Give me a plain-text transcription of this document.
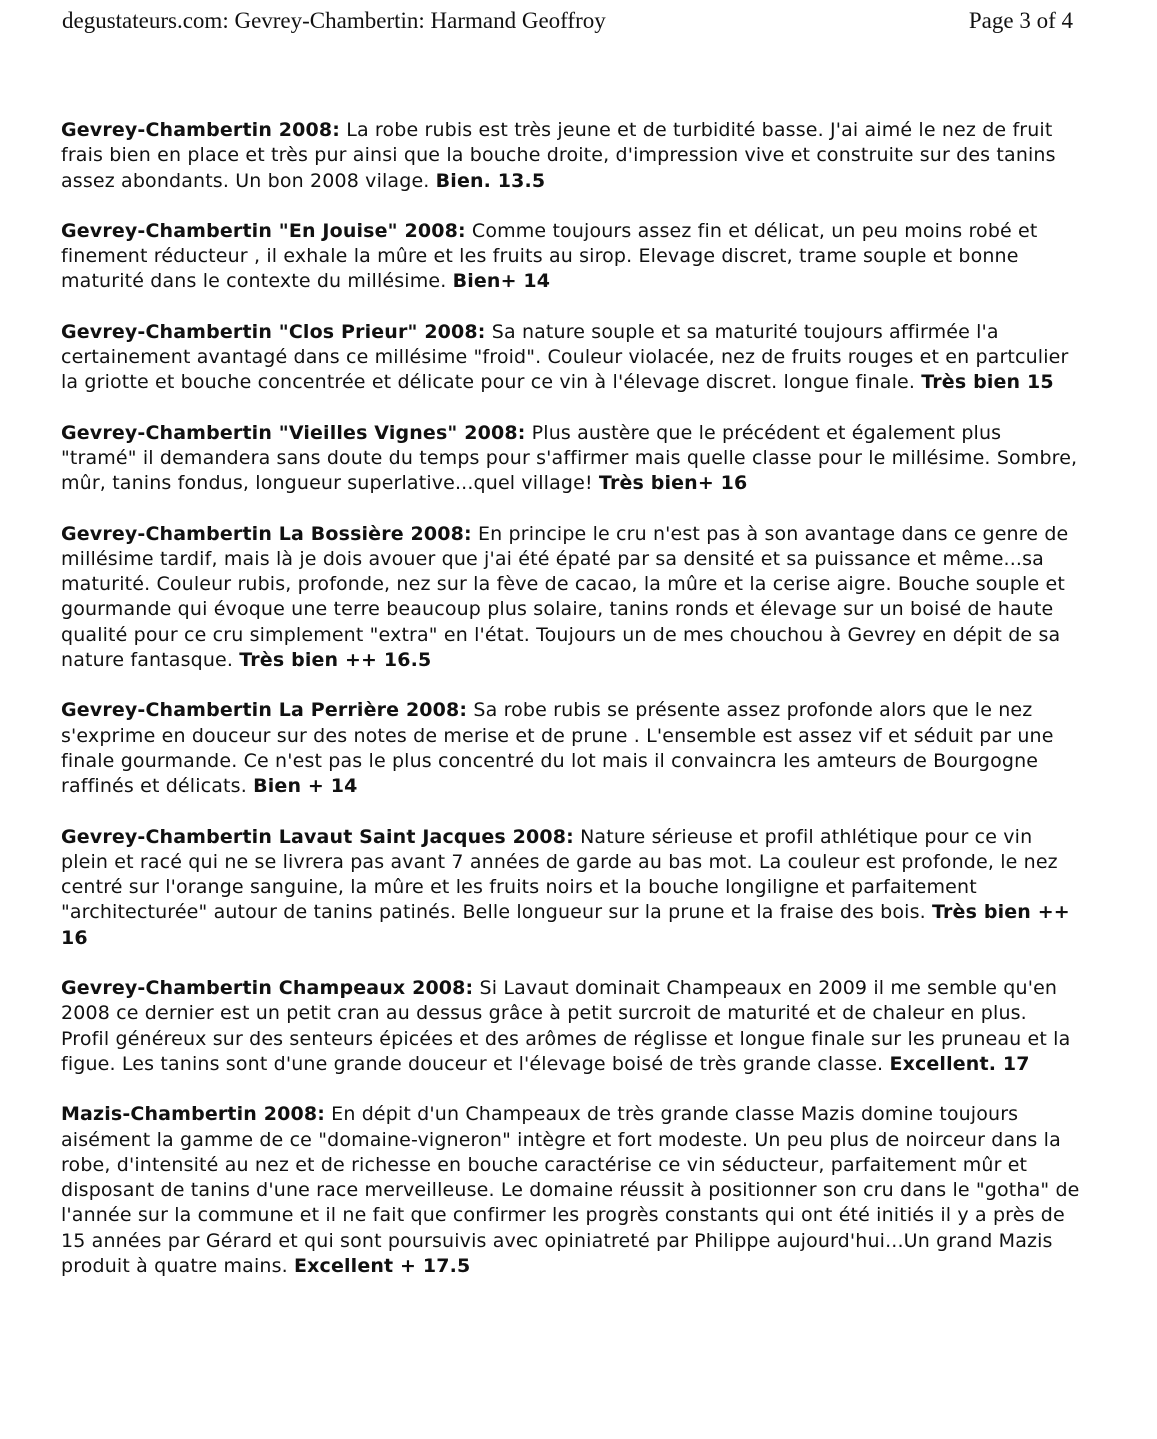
degustateurs.com: Gevrey-Chambertin: Harmand Geoffroy	Page 3 of 4

Gevrey-Chambertin 2008: La robe rubis est très jeune et de turbidité basse. J'ai aimé le nez de fruit frais bien en place et très pur ainsi que la bouche droite, d'impression vive et construite sur des tanins assez abondants. Un bon 2008 vilage. Bien. 13.5

Gevrey-Chambertin "En Jouise" 2008: Comme toujours assez fin et délicat, un peu moins robé et finement réducteur , il exhale la mûre et les fruits au sirop. Elevage discret, trame souple et bonne maturité dans le contexte du millésime. Bien+ 14

Gevrey-Chambertin "Clos Prieur" 2008: Sa nature souple et sa maturité toujours affirmée l'a certainement avantagé dans ce millésime "froid". Couleur violacée, nez de fruits rouges et en partculier la griotte et bouche concentrée et délicate pour ce vin à l'élevage discret. longue finale. Très bien 15

Gevrey-Chambertin "Vieilles Vignes" 2008: Plus austère que le précédent et également plus "tramé" il demandera sans doute du temps pour s'affirmer mais quelle classe pour le millésime. Sombre, mûr, tanins fondus, longueur superlative...quel village! Très bien+ 16

Gevrey-Chambertin La Bossière 2008: En principe le cru n'est pas à son avantage dans ce genre de millésime tardif, mais là je dois avouer que j'ai été épaté par sa densité et sa puissance et même...sa maturité. Couleur rubis, profonde, nez sur la fève de cacao, la mûre et la cerise aigre. Bouche souple et gourmande qui évoque une terre beaucoup plus solaire, tanins ronds et élevage sur un boisé de haute qualité pour ce cru simplement "extra" en l'état. Toujours un de mes chouchou à Gevrey en dépit de sa nature fantasque. Très bien ++ 16.5

Gevrey-Chambertin La Perrière 2008: Sa robe rubis se présente assez profonde alors que le nez s'exprime en douceur sur des notes de merise et de prune . L'ensemble est assez vif et séduit par une finale gourmande. Ce n'est pas le plus concentré du lot mais il convaincra les amteurs de Bourgogne raffinés et délicats. Bien + 14

Gevrey-Chambertin Lavaut Saint Jacques 2008: Nature sérieuse et profil athlétique pour ce vin plein et racé qui ne se livrera pas avant 7 années de garde au bas mot. La couleur est profonde, le nez centré sur l'orange sanguine, la mûre et les fruits noirs et la bouche longiligne et parfaitement "architecturée" autour de tanins patinés. Belle longueur sur la prune et la fraise des bois. Très bien ++ 16

Gevrey-Chambertin Champeaux 2008: Si Lavaut dominait Champeaux en 2009 il me semble qu'en 2008 ce dernier est un petit cran au dessus grâce à petit surcroit de maturité et de chaleur en plus. Profil généreux sur des senteurs épicées et des arômes de réglisse et longue finale sur les pruneau et la figue. Les tanins sont d'une grande douceur et l'élevage boisé de très grande classe. Excellent. 17

Mazis-Chambertin 2008: En dépit d'un Champeaux de très grande classe Mazis domine toujours aisément la gamme de ce "domaine-vigneron" intègre et fort modeste. Un peu plus de noirceur dans la robe, d'intensité au nez et de richesse en bouche caractérise ce vin séducteur, parfaitement mûr et disposant de tanins d'une race merveilleuse. Le domaine réussit à positionner son cru dans le "gotha" de l'année sur la commune et il ne fait que confirmer les progrès constants qui ont été initiés il y a près de 15 années par Gérard et qui sont poursuivis avec opiniatreté par Philippe aujourd'hui...Un grand Mazis produit à quatre mains. Excellent + 17.5
